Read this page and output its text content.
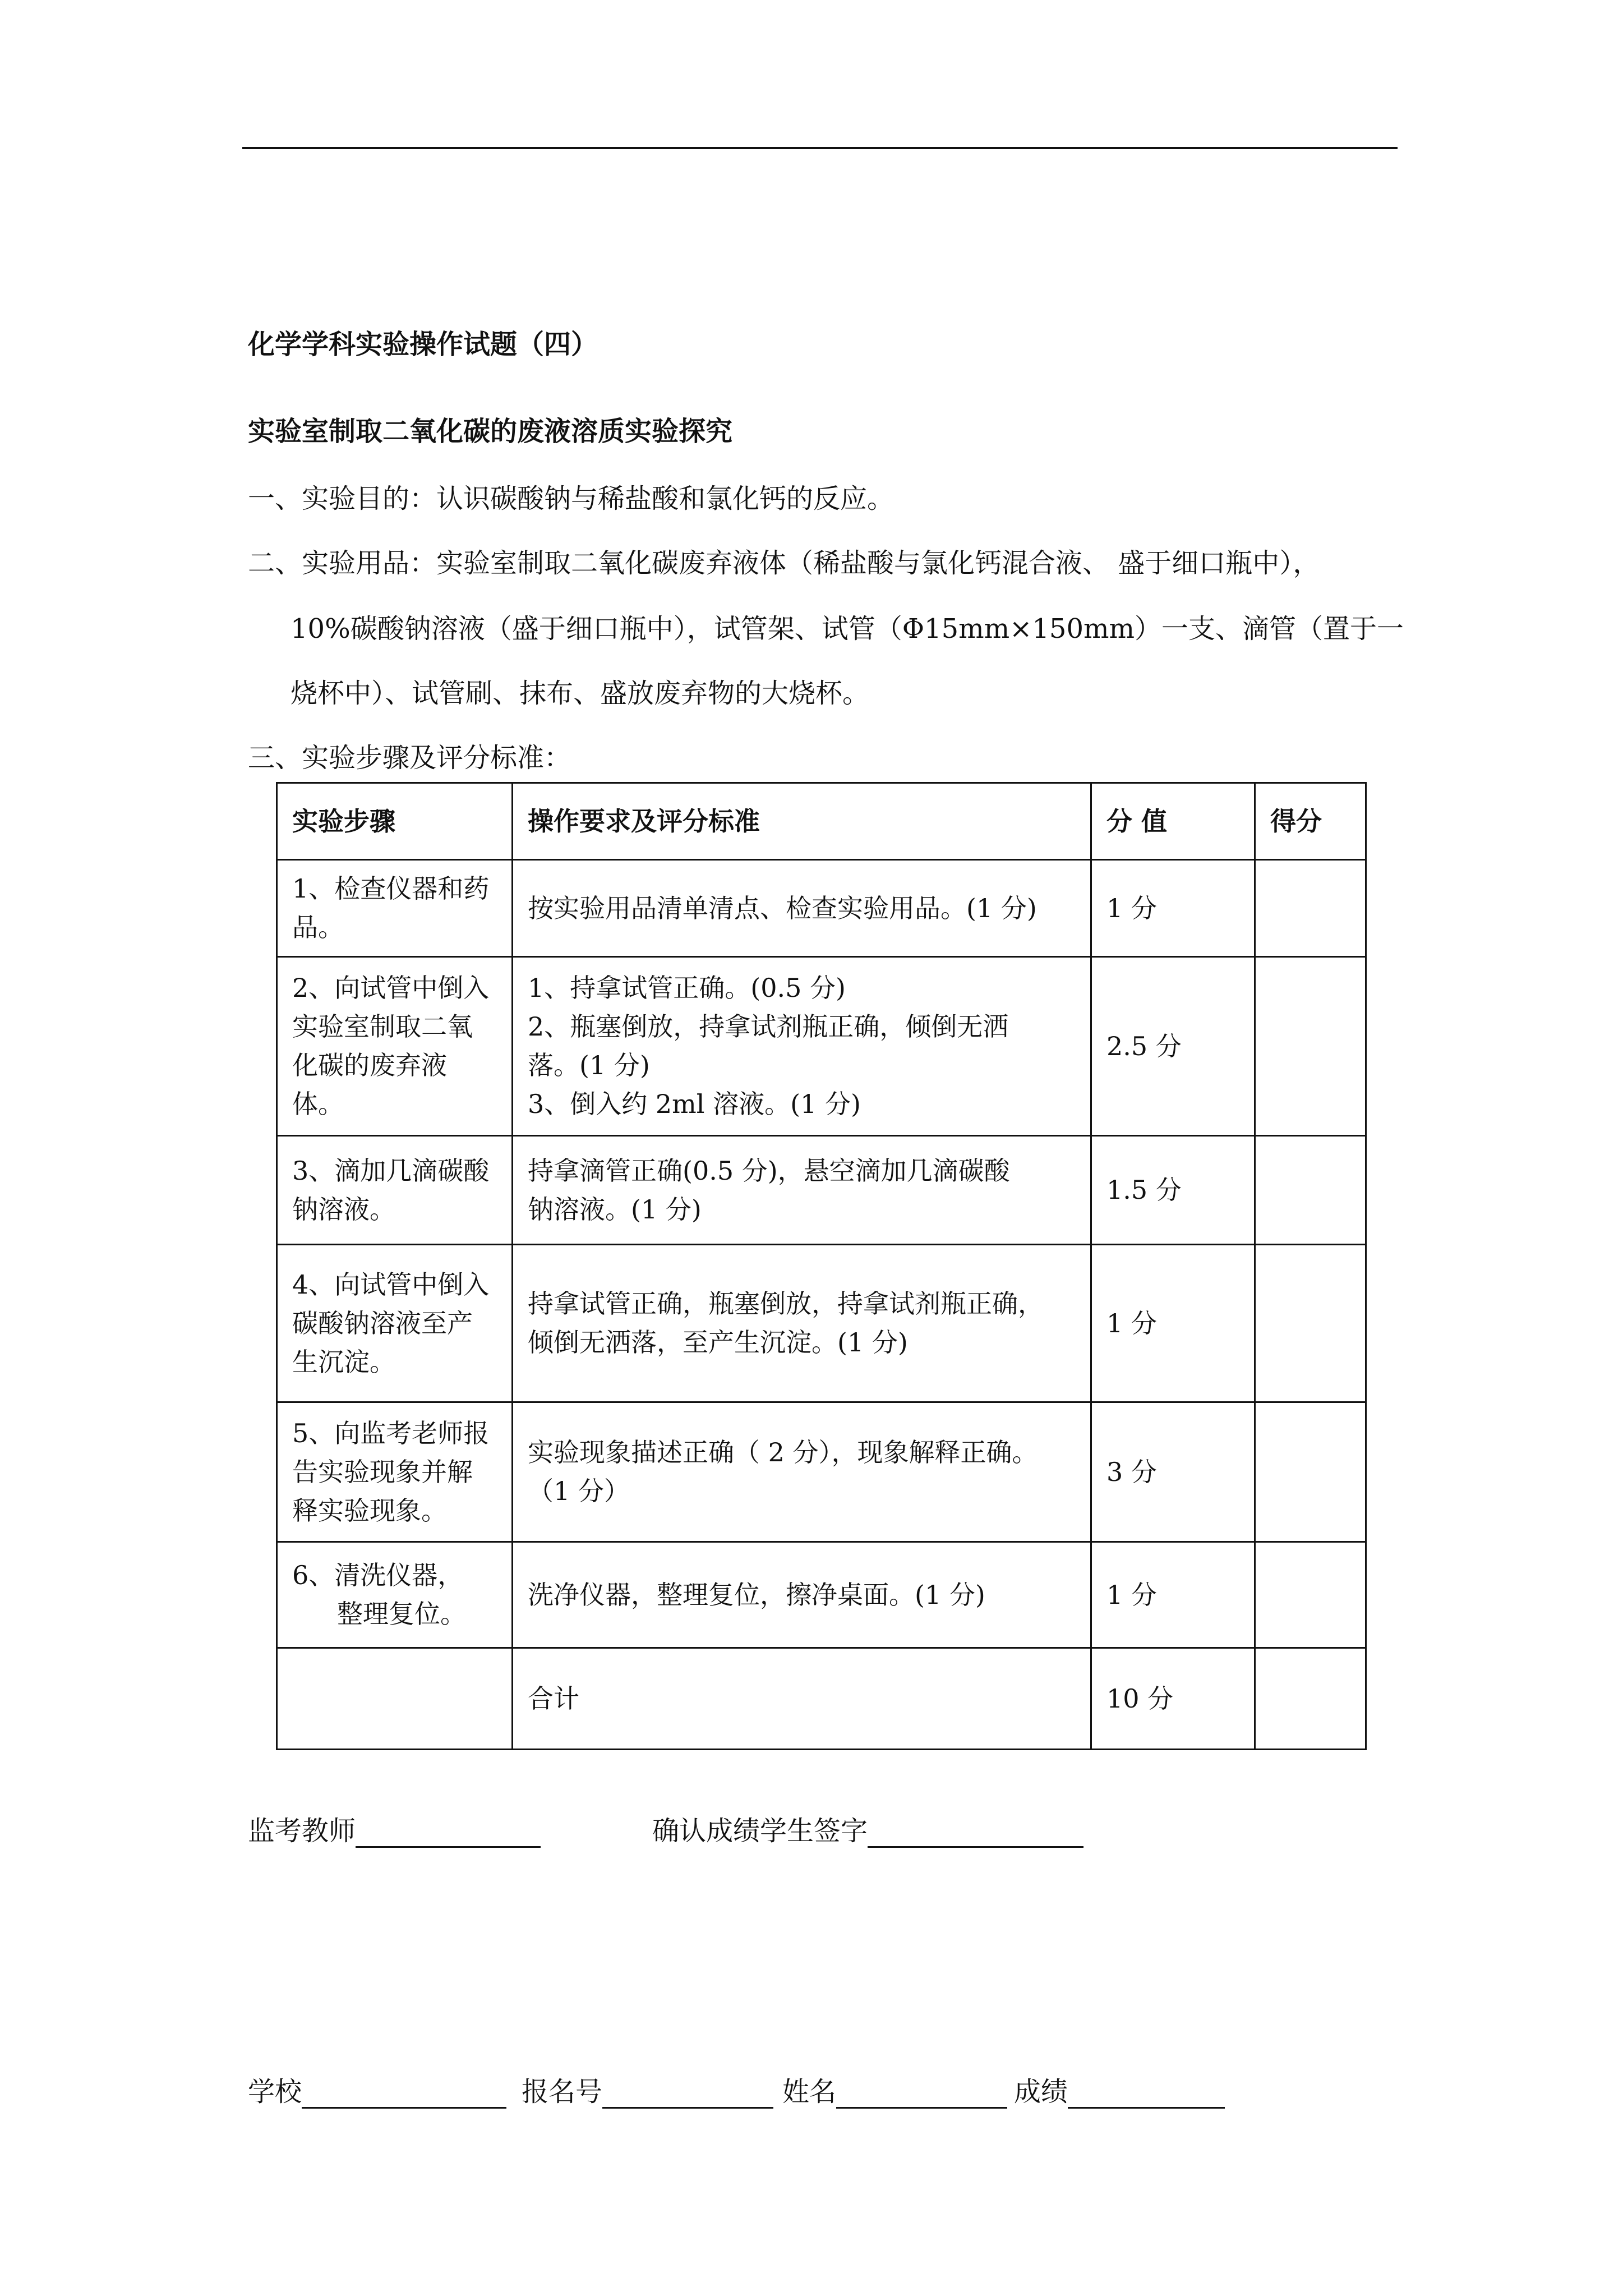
化学学科实验操作试题（四）
实验室制取二氧化碳的废液溶质实验探究
一、实验目的：认识碳酸钠与稀盐酸和氯化钙的反应。
二、实验用品：实验室制取二氧化碳废弃液体（稀盐酸与氯化钙混合液、 盛于细口瓶中），
10%碳酸钠溶液（盛于细口瓶中），试管架、试管（Φ15mm×150mm）一支、滴管（置于一
烧杯中）、试管刷、抹布、盛放废弃物的大烧杯。
三、实验步骤及评分标准：
实验步骤	操作要求及评分标准	分 值	得分

1、检查仪器和药
品。	按实验用品清单清点、检查实验用品。(1 分)	1 分	

2、向试管中倒入
实验室制取二氧
化碳的废弃液体。	1、持拿试管正确。(0.5 分)
2、瓶塞倒放，持拿试剂瓶正确，倾倒无洒
落。(1 分)
3、倒入约 2ml 溶液。(1 分)	2.5 分	

3、滴加几滴碳酸
钠溶液。	持拿滴管正确(0.5 分)，悬空滴加几滴碳酸
钠溶液。(1 分)	1.5 分	

4、向试管中倒入
碳酸钠溶液至产
生沉淀。	持拿试管正确，瓶塞倒放，持拿试剂瓶正确，
倾倒无洒落，至产生沉淀。(1 分)	1 分	

5、向监考老师报
告实验现象并解
释实验现象。	实验现象描述正确（ 2 分），现象解释正确。
（1 分）	3 分	

6、清洗仪器，
整理复位。	洗净仪器，整理复位，擦净桌面。(1 分)	1 分	
	合计	10 分	
监考教师	确认成绩学生签字
学校	报名号	姓名	成绩
